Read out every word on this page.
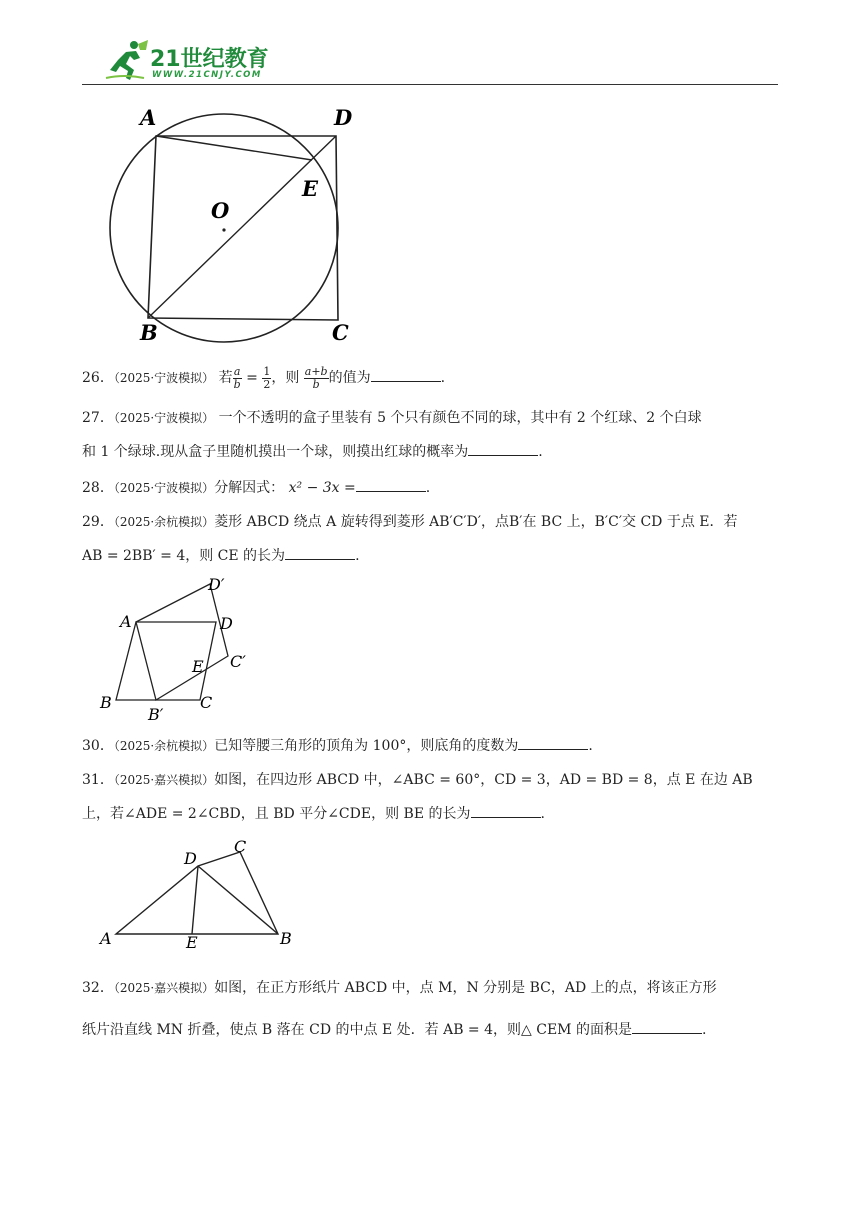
21世纪教育
WWW.21CNJY.COM
A	D
E
O
B	C
26．（2025·宁波模拟） 若 $\frac{a}{b} = \frac{1}{2}$ ，则 $\frac{a+b}{b}$ 的值为	.
27．（2025·宁波模拟） 一个不透明的盒子里装有 5 个只有颜色不同的球，其中有 2 个红球、2 个白球
和 1 个绿球.现从盒子里随机摸出一个球，则摸出红球的概率为	.
28．（2025·宁波模拟）分解因式： x² − 3x =	.
29．（2025·余杭模拟）菱形 ABCD 绕点 A 旋转得到菱形 AB′C′D′，点B′在 BC 上，B′C′交 CD 于点 E．若
AB = 2BB′ = 4，则 CE 的长为	.
A	D
D′
E C′
B
B′
C
30．（2025·余杭模拟）已知等腰三角形的顶角为 100°，则底角的度数为	.
31．（2025·嘉兴模拟）如图，在四边形 ABCD 中，∠ABC = 60°，CD = 3，AD = BD = 8，点 E 在边 AB
上，若∠ADE = 2∠CBD，且 BD 平分∠CDE，则 BE 的长为	.
D
C
A	E	B
32．（2025·嘉兴模拟）如图，在正方形纸片 ABCD 中，点 M，N 分别是 BC，AD 上的点，将该正方形
纸片沿直线 MN 折叠，使点 B 落在 CD 的中点 E 处．若 AB = 4，则△ CEM 的面积是	.
